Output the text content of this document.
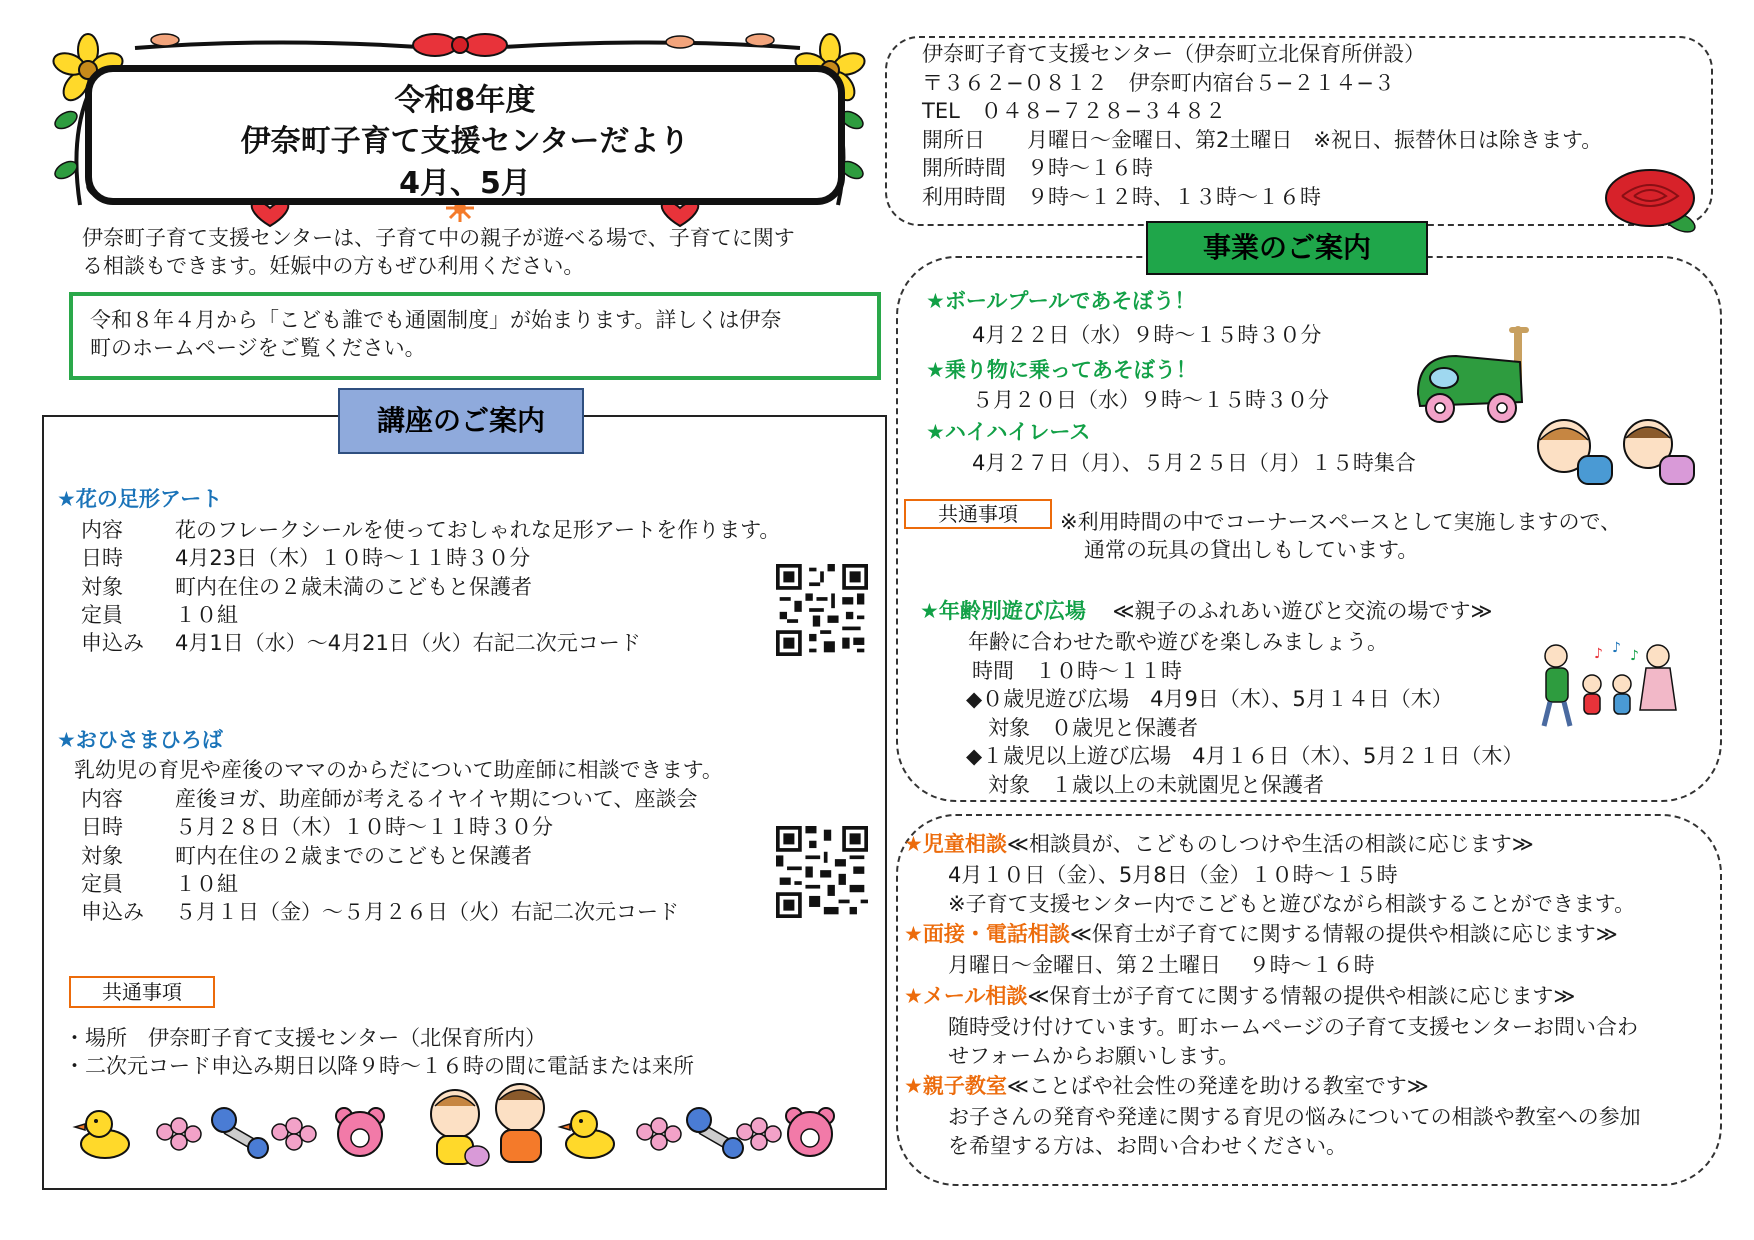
令和8年度
伊奈町子育て支援センターだより
4月、5月
伊奈町子育て支援センター（伊奈町立北保育所併設）
〒３６２−０８１２　伊奈町内宿台５−２１４−３
TEL　０４８−７２８−３４８２
開所日　　月曜日〜金曜日、第2土曜日　※祝日、振替休日は除きます。
開所時間　９時〜１６時
利用時間　９時〜１２時、１３時〜１６時
伊奈町子育て支援センターは、子育て中の親子が遊べる場で、子育てに関す
る相談もできます。妊娠中の方もぜひ利用ください。
令和８年４月から「こども誰でも通園制度」が始まります。詳しくは伊奈
町のホームページをご覧ください。
講座のご案内
★花の足形アート
内容	花のフレークシールを使っておしゃれな足形アートを作ります。
日時	4月23日（木）１０時〜１１時３０分
対象	町内在住の２歳未満のこどもと保護者
定員	１０組
申込み	4月1日（水）〜4月21日（火）右記二次元コード
★おひさまひろば
乳幼児の育児や産後のママのからだについて助産師に相談できます。
内容	産後ヨガ、助産師が考えるイヤイヤ期について、座談会
日時	５月２８日（木）１０時〜１１時３０分
対象	町内在住の２歳までのこどもと保護者
定員	１０組
申込み	５月１日（金）〜５月２６日（火）右記二次元コード
共通事項
・場所　伊奈町子育て支援センター（北保育所内）
・二次元コード申込み期日以降９時〜１６時の間に電話または来所
事業のご案内
★ボールプールであそぼう！
4月２２日（水）９時〜１５時３０分
★乗り物に乗ってあそぼう！
５月２０日（水）９時〜１５時３０分
★ハイハイレース
4月２７日（月）、５月２５日（月）１５時集合
共通事項	※利用時間の中でコーナースペースとして実施しますので、
通常の玩具の貸出しもしています。
★年齢別遊び広場 ≪親子のふれあい遊びと交流の場です≫
年齢に合わせた歌や遊びを楽しみましょう。
時間　１０時〜１１時
◆０歳児遊び広場　4月9日（木）、5月１４日（木）
対象　０歳児と保護者
◆１歳児以上遊び広場　4月１６日（木）、5月２１日（木）
対象　１歳以上の未就園児と保護者
♪ ♪ ♪
★児童相談≪相談員が、こどものしつけや生活の相談に応じます≫
4月１０日（金）、5月8日（金）１０時〜１５時
※子育て支援センター内でこどもと遊びながら相談することができます。
★面接・電話相談≪保育士が子育てに関する情報の提供や相談に応じます≫
月曜日〜金曜日、第２土曜日　 ９時〜１６時
★メール相談≪保育士が子育てに関する情報の提供や相談に応じます≫
随時受け付けています。町ホームページの子育て支援センターお問い合わ
せフォームからお願いします。
★親子教室≪ことばや社会性の発達を助ける教室です≫
お子さんの発育や発達に関する育児の悩みについての相談や教室への参加
を希望する方は、お問い合わせください。
